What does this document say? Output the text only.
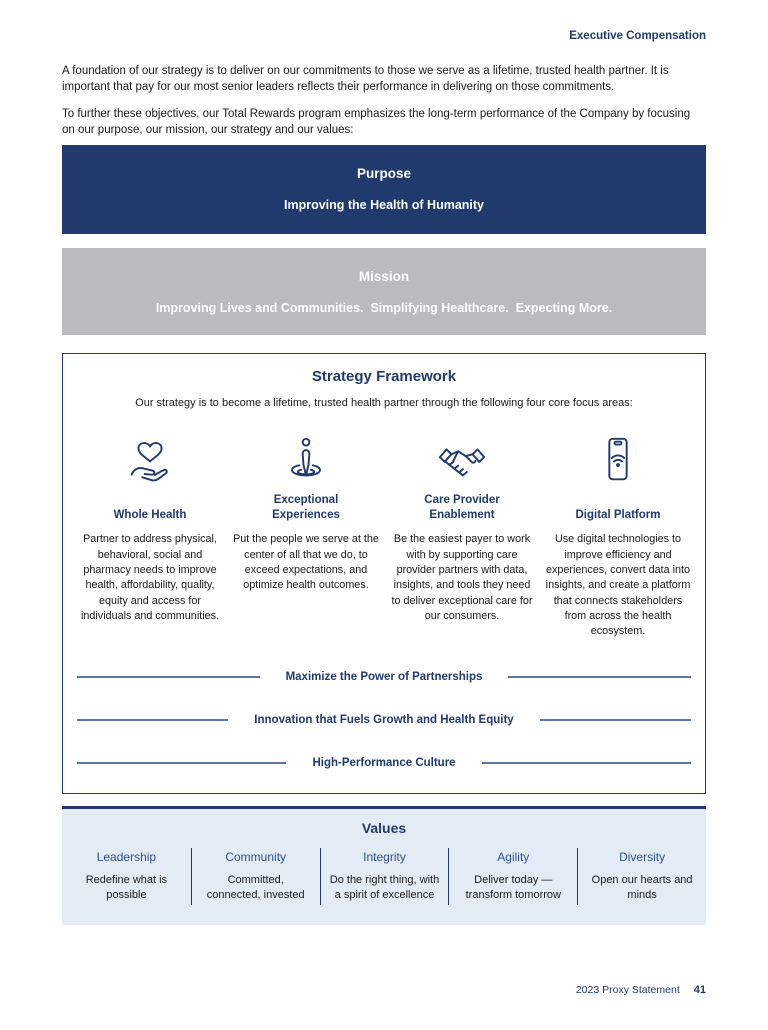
Executive Compensation

A foundation of our strategy is to deliver on our commitments to those we serve as a lifetime, trusted health partner. It is important that pay for our most senior leaders reflects their performance in delivering on those commitments.

To further these objectives, our Total Rewards program emphasizes the long-term performance of the Company by focusing on our purpose, our mission, our strategy and our values:

Purpose
Improving the Health of Humanity
Mission
Improving Lives and Communities.  Simplifying Healthcare.  Expecting More.
Strategy Framework
Our strategy is to become a lifetime, trusted health partner through the following four core focus areas:
Whole Health
Partner to address physical, behavioral, social and pharmacy needs to improve health, affordability, quality, equity and access for individuals and communities.
Exceptional Experiences
Put the people we serve at the center of all that we do, to exceed expectations, and optimize health outcomes.
Care Provider Enablement
Be the easiest payer to work with by supporting care provider partners with data, insights, and tools they need to deliver exceptional care for our consumers.
Digital Platform
Use digital technologies to improve efficiency and experiences, convert data into insights, and create a platform that connects stakeholders from across the health ecosystem.
Maximize the Power of Partnerships
Innovation that Fuels Growth and Health Equity
High-Performance Culture
Values
Leadership
Redefine what is possible
Community
Committed, connected, invested
Integrity
Do the right thing, with a spirit of excellence
Agility
Deliver today — transform tomorrow
Diversity
Open our hearts and minds
2023 Proxy Statement 41
